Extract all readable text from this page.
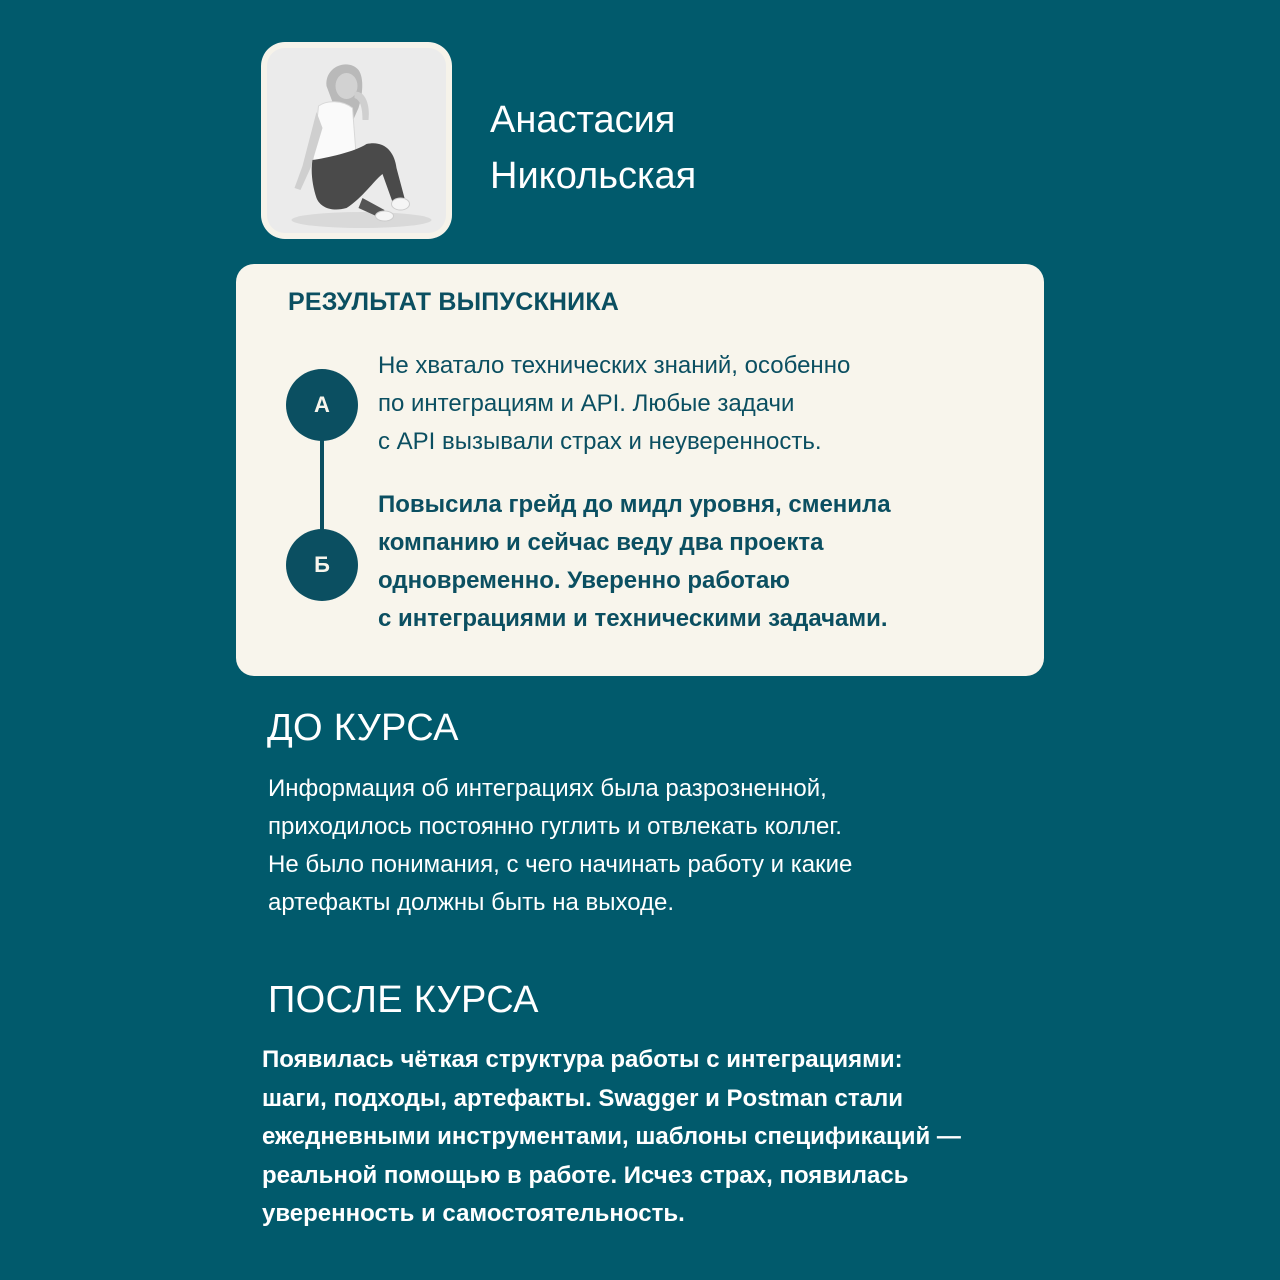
Анастасия
Никольская
РЕЗУЛЬТАТ ВЫПУСКНИКА
А
Не хватало технических знаний, особенно
по интеграциям и API. Любые задачи
с API вызывали страх и неуверенность.
Б
Повысила грейд до мидл уровня, сменила
компанию и сейчас веду два проекта
одновременно. Уверенно работаю
с интеграциями и техническими задачами.
ДО КУРСА
Информация об интеграциях была разрозненной,
приходилось постоянно гуглить и отвлекать коллег.
Не было понимания, с чего начинать работу и какие
артефакты должны быть на выходе.
ПОСЛЕ КУРСА
Появилась чёткая структура работы с интеграциями:
шаги, подходы, артефакты. Swagger и Postman стали
ежедневными инструментами, шаблоны спецификаций —
реальной помощью в работе. Исчез страх, появилась
уверенность и самостоятельность.
